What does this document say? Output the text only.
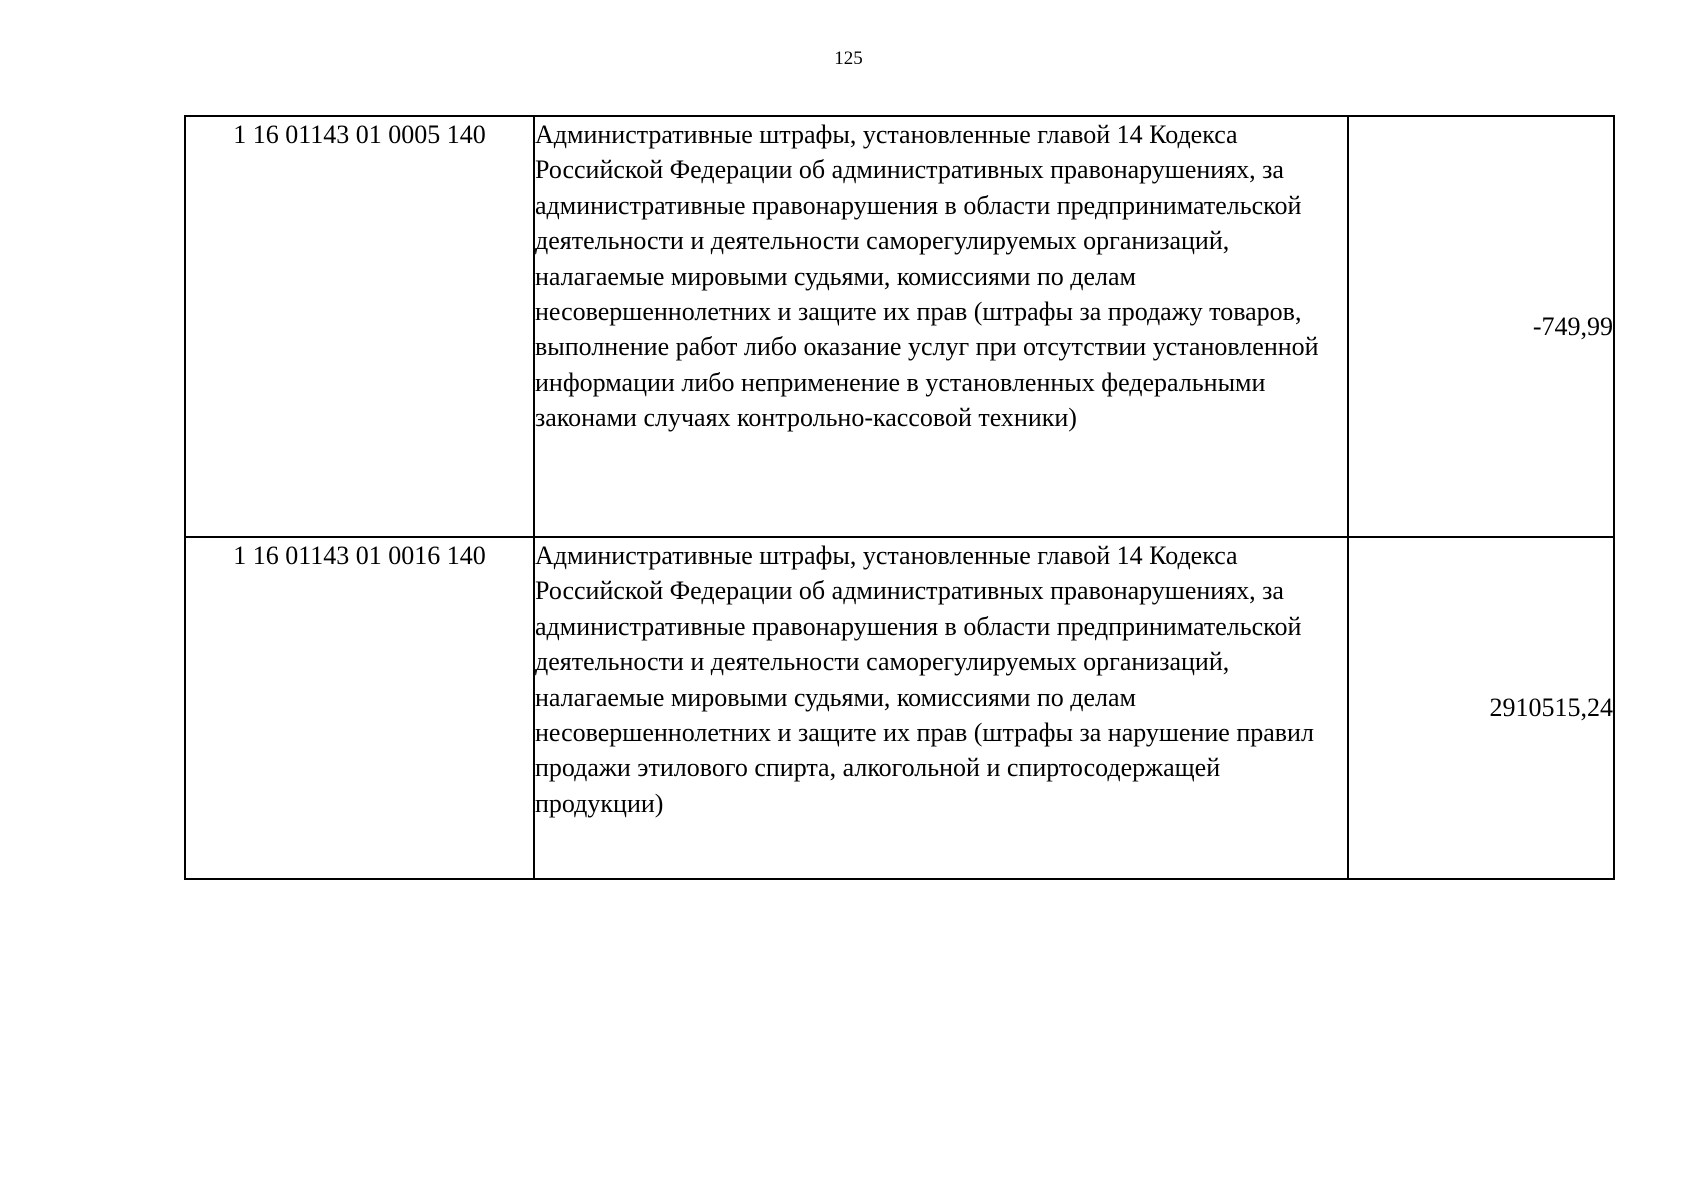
125
1 16 01143 01 0005 140	Административные штрафы, установленные главой 14 Кодекса Российской Федерации об административных правонарушениях, за административные правонарушения в области предпринимательской деятельности и деятельности саморегулируемых организаций, налагаемые мировыми судьями, комиссиями по делам несовершеннолетних и защите их прав (штрафы за продажу товаров, выполнение работ либо оказание услуг при отсутствии установленной информации либо неприменение в установленных федеральными законами случаях контрольно-кассовой техники)	-749,99
1 16 01143 01 0016 140	Административные штрафы, установленные главой 14 Кодекса Российской Федерации об административных правонарушениях, за административные правонарушения в области предпринимательской деятельности и деятельности саморегулируемых организаций, налагаемые мировыми судьями, комиссиями по делам несовершеннолетних и защите их прав (штрафы за нарушение правил продажи этилового спирта, алкогольной и спиртосодержащей продукции)	2910515,24
